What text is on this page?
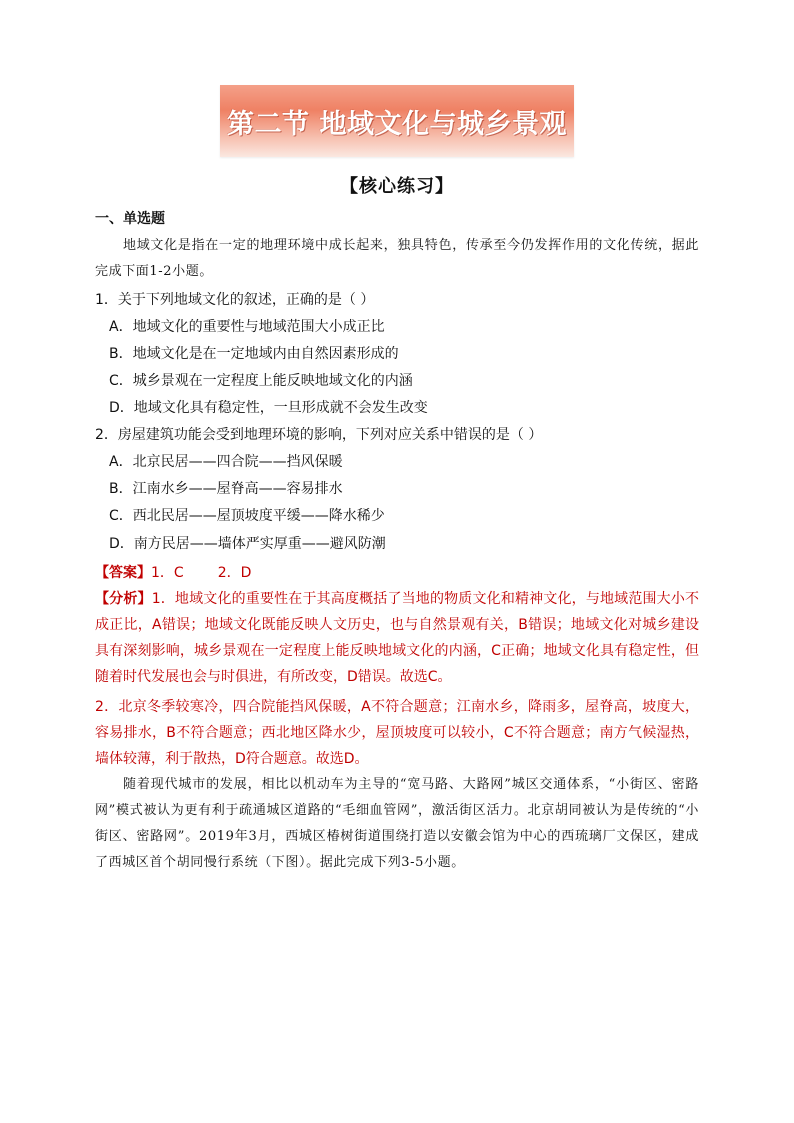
第二节 地域文化与城乡景观
【核心练习】
一、单选题
地域文化是指在一定的地理环境中成长起来，独具特色，传承至今仍发挥作用的文化传统，据此完成下面1-2小题。
1．关于下列地域文化的叙述，正确的是（ ）
A．地域文化的重要性与地域范围大小成正比
B．地域文化是在一定地域内由自然因素形成的
C．城乡景观在一定程度上能反映地域文化的内涵
D．地域文化具有稳定性，一旦形成就不会发生改变
2．房屋建筑功能会受到地理环境的影响，下列对应关系中错误的是（ ）
A．北京民居——四合院——挡风保暖
B．江南水乡——屋脊高——容易排水
C．西北民居——屋顶坡度平缓——降水稀少
D．南方民居——墙体严实厚重——避风防潮
【答案】1．C 2．D
【分析】1．地域文化的重要性在于其高度概括了当地的物质文化和精神文化，与地域范围大小不成正比，A错误；地域文化既能反映人文历史，也与自然景观有关，B错误；地域文化对城乡建设具有深刻影响，城乡景观在一定程度上能反映地域文化的内涵，C正确；地域文化具有稳定性，但随着时代发展也会与时俱进，有所改变，D错误。故选C。
2．北京冬季较寒冷，四合院能挡风保暖，A不符合题意；江南水乡，降雨多，屋脊高，坡度大，容易排水，B不符合题意；西北地区降水少，屋顶坡度可以较小，C不符合题意；南方气候湿热，墙体较薄，利于散热，D符合题意。故选D。
随着现代城市的发展，相比以机动车为主导的“宽马路、大路网”城区交通体系，“小街区、密路网”模式被认为更有利于疏通城区道路的“毛细血管网”，激活街区活力。北京胡同被认为是传统的“小街区、密路网”。2019年3月，西城区椿树街道围绕打造以安徽会馆为中心的西琉璃厂文保区，建成了西城区首个胡同慢行系统（下图）。据此完成下列3-5小题。
